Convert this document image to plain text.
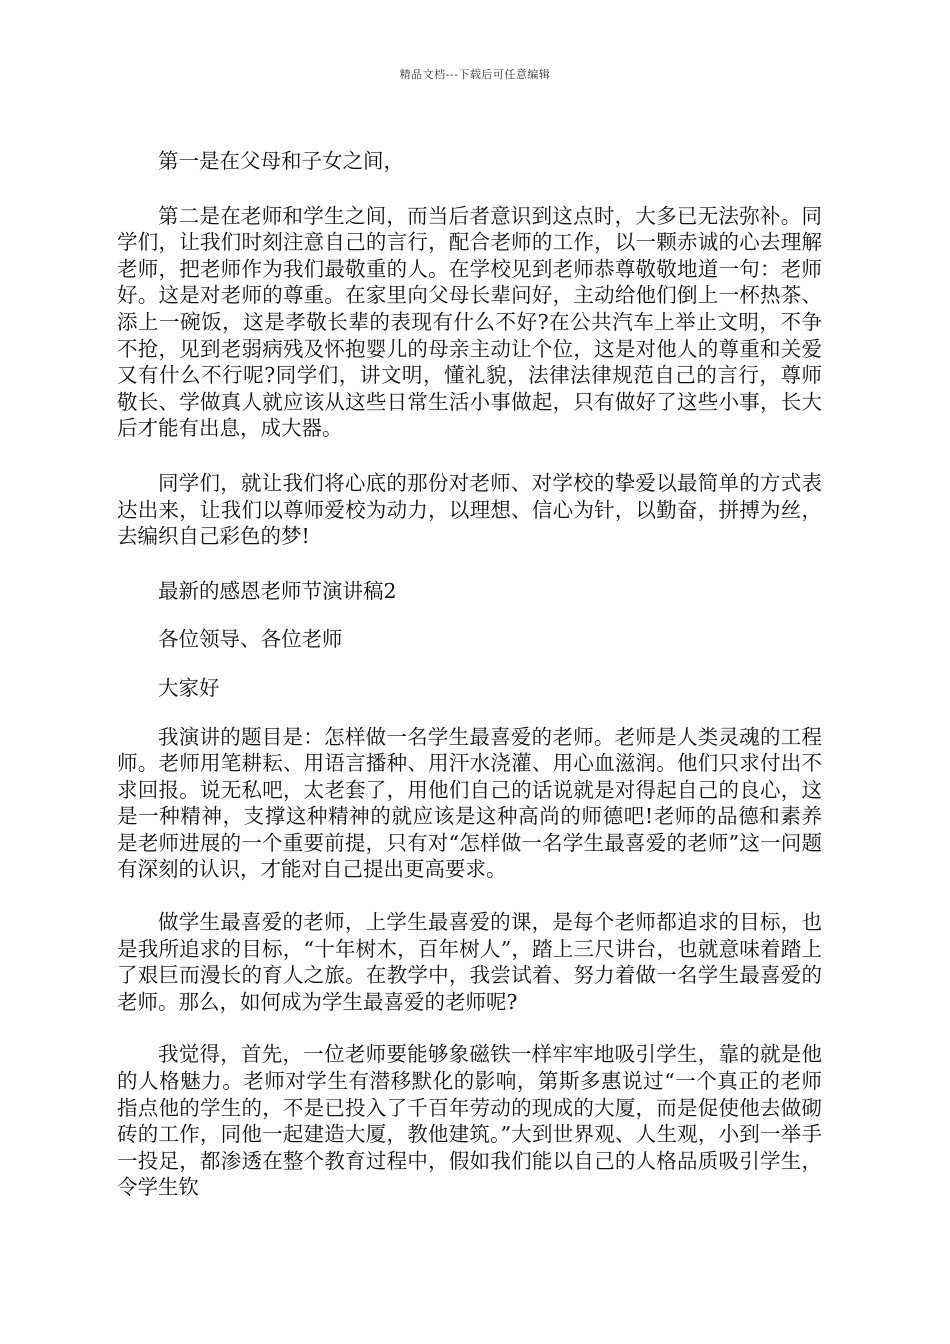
精品文档---下载后可任意编辑

第一是在父母和子女之间，

第二是在老师和学生之间，而当后者意识到这点时，大多已无法弥补。同学们，让我们时刻注意自己的言行，配合老师的工作，以一颗赤诚的心去理解老师，把老师作为我们最敬重的人。在学校见到老师恭尊敬敬地道一句：老师好。这是对老师的尊重。在家里向父母长辈问好，主动给他们倒上一杯热茶、添上一碗饭，这是孝敬长辈的表现有什么不好?在公共汽车上举止文明，不争不抢，见到老弱病残及怀抱婴儿的母亲主动让个位，这是对他人的尊重和关爱又有什么不行呢?同学们，讲文明，懂礼貌，法律法律规范自己的言行，尊师敬长、学做真人就应该从这些日常生活小事做起，只有做好了这些小事，长大后才能有出息，成大器。

同学们，就让我们将心底的那份对老师、对学校的挚爱以最简单的方式表达出来，让我们以尊师爱校为动力，以理想、信心为针，以勤奋，拼搏为丝，去编织自己彩色的梦!

最新的感恩老师节演讲稿2

各位领导、各位老师

大家好

我演讲的题目是：怎样做一名学生最喜爱的老师。老师是人类灵魂的工程师。老师用笔耕耘、用语言播种、用汗水浇灌、用心血滋润。他们只求付出不求回报。说无私吧，太老套了，用他们自己的话说就是对得起自己的良心，这是一种精神，支撑这种精神的就应该是这种高尚的师德吧!老师的品德和素养是老师进展的一个重要前提，只有对“怎样做一名学生最喜爱的老师”这一问题有深刻的认识，才能对自己提出更高要求。

做学生最喜爱的老师，上学生最喜爱的课，是每个老师都追求的目标，也是我所追求的目标，“十年树木，百年树人”，踏上三尺讲台，也就意味着踏上了艰巨而漫长的育人之旅。在教学中，我尝试着、努力着做一名学生最喜爱的老师。那么，如何成为学生最喜爱的老师呢?

我觉得，首先，一位老师要能够象磁铁一样牢牢地吸引学生，靠的就是他的人格魅力。老师对学生有潜移默化的影响，第斯多惠说过“一个真正的老师指点他的学生的，不是已投入了千百年劳动的现成的大厦，而是促使他去做砌砖的工作，同他一起建造大厦，教他建筑。”大到世界观、人生观，小到一举手一投足，都渗透在整个教育过程中，假如我们能以自己的人格品质吸引学生，令学生钦
